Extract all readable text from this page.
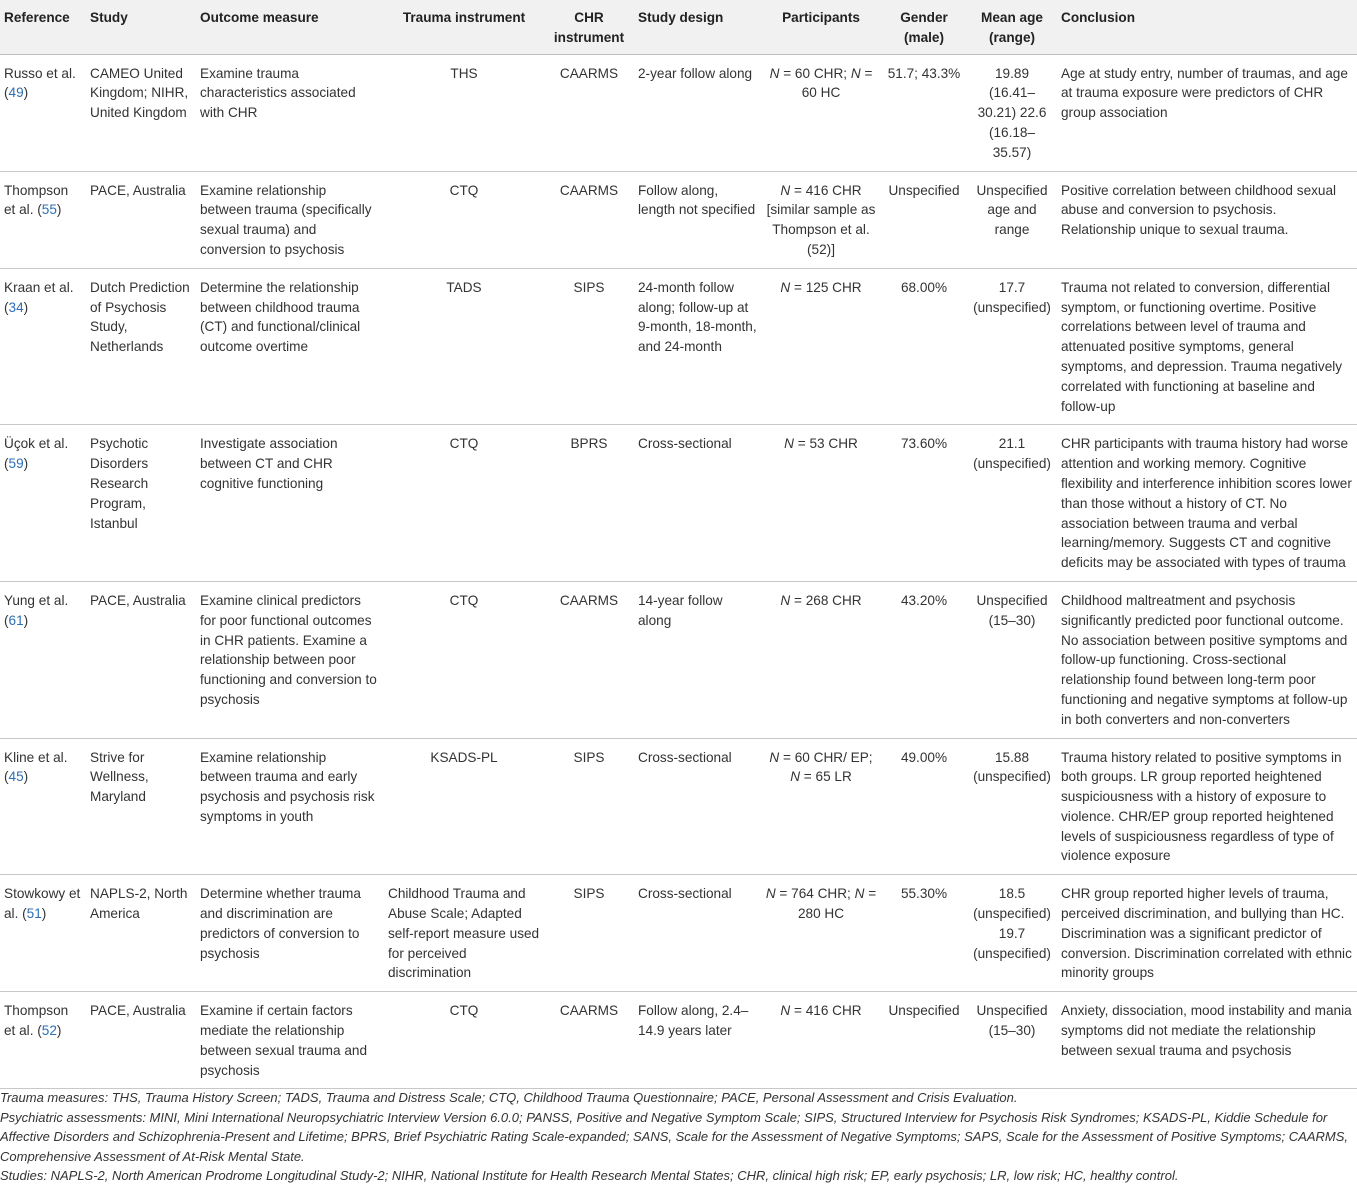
Reference	Study	Outcome measure	Trauma instrument	CHR instrument	Study design	Participants	Gender (male)	Mean age (range)	Conclusion
Russo et al. (49)	CAMEO United Kingdom; NIHR, United Kingdom	Examine trauma characteristics associated with CHR	THS	CAARMS	2-year follow along	N = 60 CHR; N = 60 HC	51.7; 43.3%	19.89 (16.41–30.21) 22.6 (16.18–35.57)	Age at study entry, number of traumas, and age at trauma exposure were predictors of CHR group association
Thompson et al. (55)	PACE, Australia	Examine relationship between trauma (specifically sexual trauma) and conversion to psychosis	CTQ	CAARMS	Follow along, length not specified	N = 416 CHR [similar sample as Thompson et al. (52)]	Unspecified	Unspecified age and range	Positive correlation between childhood sexual abuse and conversion to psychosis. Relationship unique to sexual trauma.
Kraan et al. (34)	Dutch Prediction of Psychosis Study, Netherlands	Determine the relationship between childhood trauma (CT) and functional/clinical outcome overtime	TADS	SIPS	24-month follow along; follow-up at 9-month, 18-month, and 24-month	N = 125 CHR	68.00%	17.7 (unspecified)	Trauma not related to conversion, differential symptom, or functioning overtime. Positive correlations between level of trauma and attenuated positive symptoms, general symptoms, and depression. Trauma negatively correlated with functioning at baseline and follow-up
Üçok et al. (59)	Psychotic Disorders Research Program, Istanbul	Investigate association between CT and CHR cognitive functioning	CTQ	BPRS	Cross-sectional	N = 53 CHR	73.60%	21.1 (unspecified)	CHR participants with trauma history had worse attention and working memory. Cognitive flexibility and interference inhibition scores lower than those without a history of CT. No association between trauma and verbal learning/memory. Suggests CT and cognitive deficits may be associated with types of trauma
Yung et al. (61)	PACE, Australia	Examine clinical predictors for poor functional outcomes in CHR patients. Examine a relationship between poor functioning and conversion to psychosis	CTQ	CAARMS	14-year follow along	N = 268 CHR	43.20%	Unspecified (15–30)	Childhood maltreatment and psychosis significantly predicted poor functional outcome. No association between positive symptoms and follow-up functioning. Cross-sectional relationship found between long-term poor functioning and negative symptoms at follow-up in both converters and non-converters
Kline et al. (45)	Strive for Wellness, Maryland	Examine relationship between trauma and early psychosis and psychosis risk symptoms in youth	KSADS-PL	SIPS	Cross-sectional	N = 60 CHR/ EP; N = 65 LR	49.00%	15.88 (unspecified)	Trauma history related to positive symptoms in both groups. LR group reported heightened suspiciousness with a history of exposure to violence. CHR/EP group reported heightened levels of suspiciousness regardless of type of violence exposure
Stowkowy et al. (51)	NAPLS-2, North America	Determine whether trauma and discrimination are predictors of conversion to psychosis	Childhood Trauma and Abuse Scale; Adapted self-report measure used for perceived discrimination	SIPS	Cross-sectional	N = 764 CHR; N = 280 HC	55.30%	18.5 (unspecified) 19.7 (unspecified)	CHR group reported higher levels of trauma, perceived discrimination, and bullying than HC. Discrimination was a significant predictor of conversion. Discrimination correlated with ethnic minority groups
Thompson et al. (52)	PACE, Australia	Examine if certain factors mediate the relationship between sexual trauma and psychosis	CTQ	CAARMS	Follow along, 2.4–14.9 years later	N = 416 CHR	Unspecified	Unspecified (15–30)	Anxiety, dissociation, mood instability and mania symptoms did not mediate the relationship between sexual trauma and psychosis

Trauma measures: THS, Trauma History Screen; TADS, Trauma and Distress Scale; CTQ, Childhood Trauma Questionnaire; PACE, Personal Assessment and Crisis Evaluation.

Psychiatric assessments: MINI, Mini International Neuropsychiatric Interview Version 6.0.0; PANSS, Positive and Negative Symptom Scale; SIPS, Structured Interview for Psychosis Risk Syndromes; KSADS-PL, Kiddie Schedule for Affective Disorders and Schizophrenia-Present and Lifetime; BPRS, Brief Psychiatric Rating Scale-expanded; SANS, Scale for the Assessment of Negative Symptoms; SAPS, Scale for the Assessment of Positive Symptoms; CAARMS, Comprehensive Assessment of At-Risk Mental State.

Studies: NAPLS-2, North American Prodrome Longitudinal Study-2; NIHR, National Institute for Health Research Mental States; CHR, clinical high risk; EP, early psychosis; LR, low risk; HC, healthy control.
